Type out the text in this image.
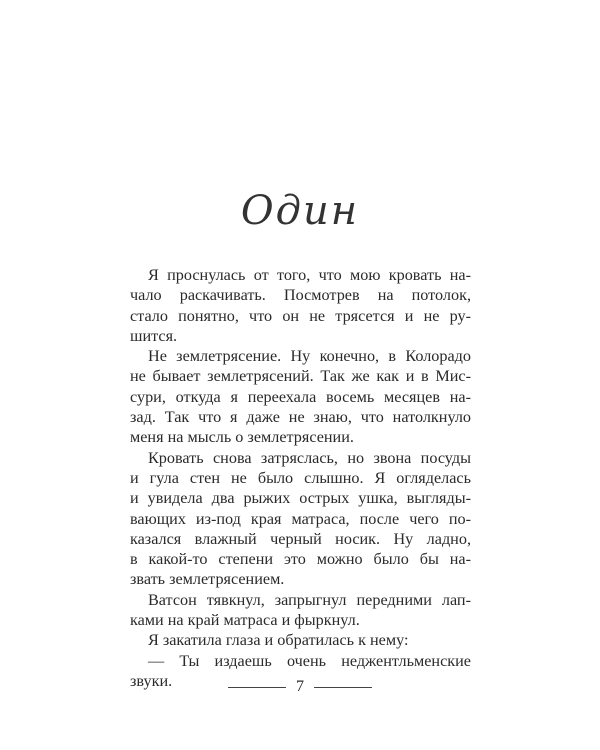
Один
Я проснулась от того, что мою кровать на-
чало раскачивать. Посмотрев на потолок,
стало понятно, что он не трясется и не ру-
шится.
Не землетрясение. Ну конечно, в Колорадо
не бывает землетрясений. Так же как и в Мис-
сури, откуда я переехала восемь месяцев на-
зад. Так что я даже не знаю, что натолкнуло
меня на мысль о землетрясении.
Кровать снова затряслась, но звона посуды
и гула стен не было слышно. Я огляделась
и увидела два рыжих острых ушка, выгляды-
вающих из-под края матраса, после чего по-
казался влажный черный носик. Ну ладно,
в какой-то степени это можно было бы на-
звать землетрясением.
Ватсон тявкнул, запрыгнул передними лап-
ками на край матраса и фыркнул.
Я закатила глаза и обратилась к нему:
— Ты издаешь очень неджентльменские
звуки.	7
